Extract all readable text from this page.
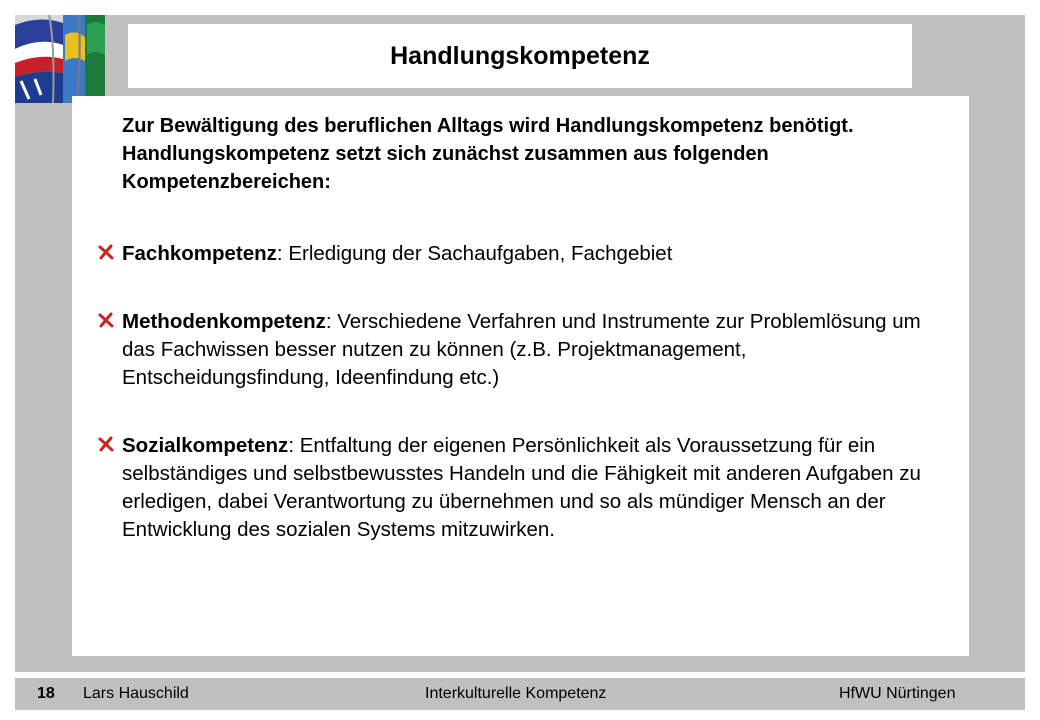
Handlungskompetenz
Zur Bewältigung des beruflichen Alltags wird Handlungskompetenz benötigt. Handlungskompetenz setzt sich zunächst zusammen aus folgenden Kompetenzbereichen:
Fachkompetenz: Erledigung der Sachaufgaben, Fachgebiet
Methodenkompetenz: Verschiedene Verfahren und Instrumente zur Problemlösung um das Fachwissen besser nutzen zu können (z.B. Projektmanagement, Entscheidungsfindung, Ideenfindung etc.)
Sozialkompetenz: Entfaltung der eigenen Persönlichkeit als Voraussetzung für ein selbständiges und selbstbewusstes Handeln und die Fähigkeit mit anderen Aufgaben zu erledigen, dabei Verantwortung zu übernehmen und so als mündiger Mensch an der Entwicklung des sozialen Systems mitzuwirken.
18 Lars Hauschild	Interkulturelle Kompetenz	HfWU Nürtingen
